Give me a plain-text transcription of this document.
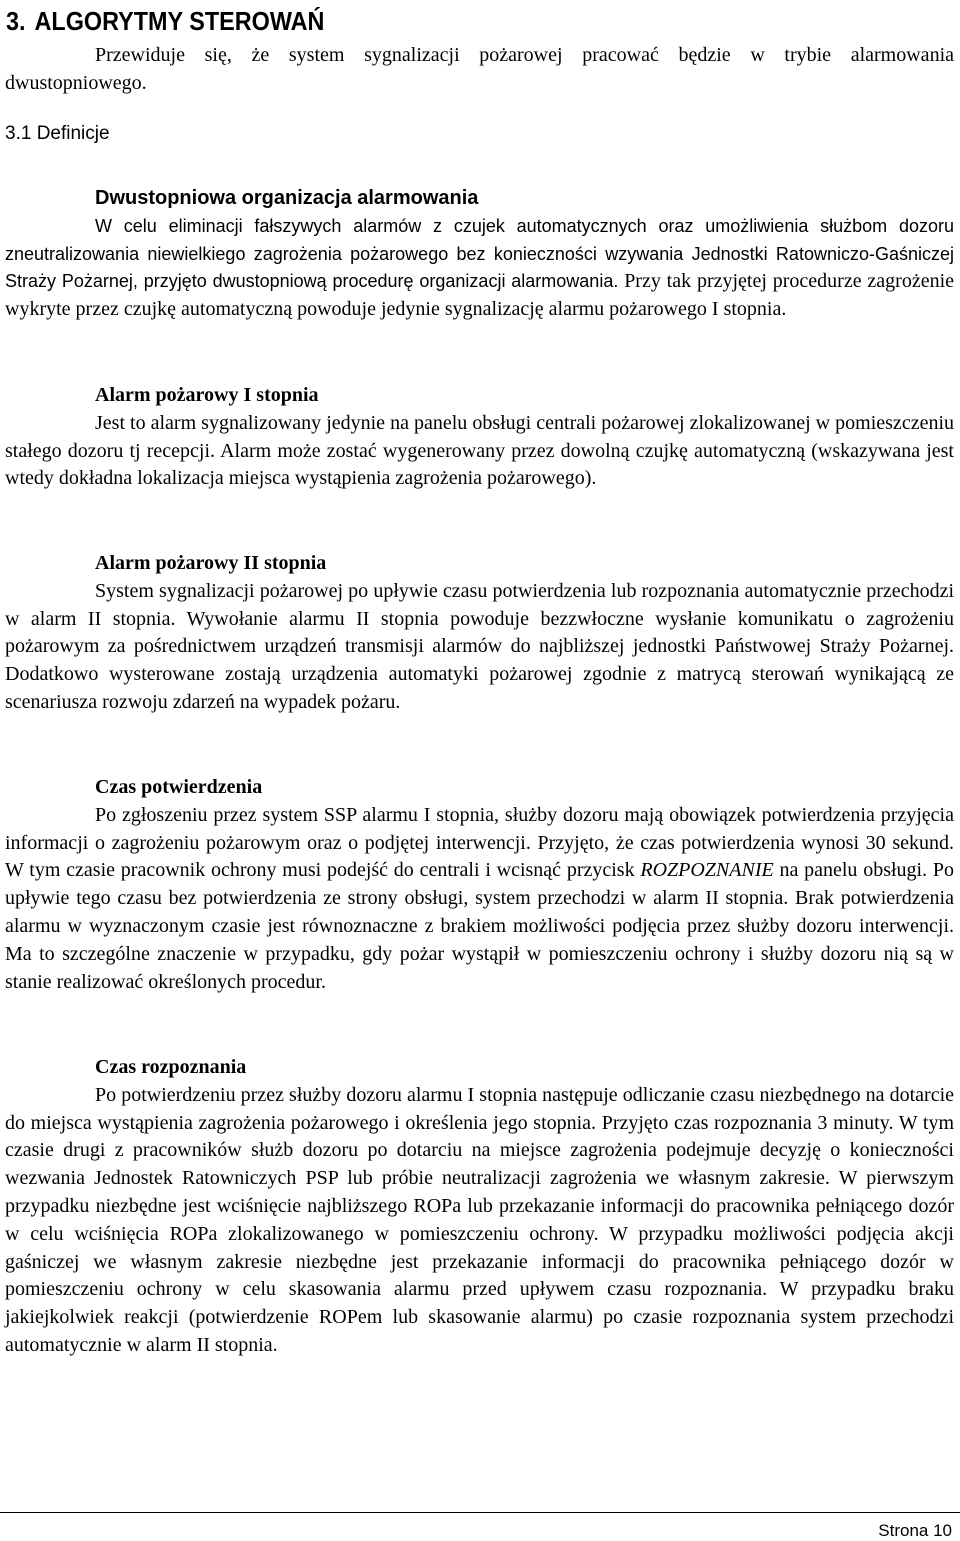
3. ALGORYTMY STEROWAŃ

Przewiduje się, że system sygnalizacji pożarowej pracować będzie w trybie alarmowania dwustopniowego.

3.1 Definicje
Dwustopniowa organizacja alarmowania

W celu eliminacji fałszywych alarmów z czujek automatycznych oraz umożliwienia służbom dozoru zneutralizowania niewielkiego zagrożenia pożarowego bez konieczności wzywania Jednostki Ratowniczo-Gaśniczej Straży Pożarnej, przyjęto dwustopniową procedurę organizacji alarmowania. Przy tak przyjętej procedurze zagrożenie wykryte przez czujkę automatyczną powoduje jedynie sygnalizację alarmu pożarowego I stopnia.

Alarm pożarowy I stopnia

Jest to alarm sygnalizowany jedynie na panelu obsługi centrali pożarowej zlokalizowanej w pomieszczeniu stałego dozoru tj recepcji. Alarm może zostać wygenerowany przez dowolną czujkę automatyczną (wskazywana jest wtedy dokładna lokalizacja miejsca wystąpienia zagrożenia pożarowego).

Alarm pożarowy II stopnia

System sygnalizacji pożarowej po upływie czasu potwierdzenia lub rozpoznania automatycznie przechodzi w alarm II stopnia. Wywołanie alarmu II stopnia powoduje bezzwłoczne wysłanie komunikatu o zagrożeniu pożarowym za pośrednictwem urządzeń transmisji alarmów do najbliższej jednostki Państwowej Straży Pożarnej. Dodatkowo wysterowane zostają urządzenia automatyki pożarowej zgodnie z matrycą sterowań wynikającą ze scenariusza rozwoju zdarzeń na wypadek pożaru.

Czas potwierdzenia

Po zgłoszeniu przez system SSP alarmu I stopnia, służby dozoru mają obowiązek potwierdzenia przyjęcia informacji o zagrożeniu pożarowym oraz o podjętej interwencji. Przyjęto, że czas potwierdzenia wynosi 30 sekund. W tym czasie pracownik ochrony musi podejść do centrali i wcisnąć przycisk ROZPOZNANIE na panelu obsługi. Po upływie tego czasu bez potwierdzenia ze strony obsługi, system przechodzi w alarm II stopnia. Brak potwierdzenia alarmu w wyznaczonym czasie jest równoznaczne z brakiem możliwości podjęcia przez służby dozoru interwencji. Ma to szczególne znaczenie w przypadku, gdy pożar wystąpił w pomieszczeniu ochrony i służby dozoru nią są w stanie realizować określonych procedur.

Czas rozpoznania

Po potwierdzeniu przez służby dozoru alarmu I stopnia następuje odliczanie czasu niezbędnego na dotarcie do miejsca wystąpienia zagrożenia pożarowego i określenia jego stopnia. Przyjęto czas rozpoznania 3 minuty. W tym czasie drugi z pracowników służb dozoru po dotarciu na miejsce zagrożenia podejmuje decyzję o konieczności wezwania Jednostek Ratowniczych PSP lub próbie neutralizacji zagrożenia we własnym zakresie. W pierwszym przypadku niezbędne jest wciśnięcie najbliższego ROPa lub przekazanie informacji do pracownika pełniącego dozór w celu wciśnięcia ROPa zlokalizowanego w pomieszczeniu ochrony. W przypadku możliwości podjęcia akcji gaśniczej we własnym zakresie niezbędne jest przekazanie informacji do pracownika pełniącego dozór w pomieszczeniu ochrony w celu skasowania alarmu przed upływem czasu rozpoznania. W przypadku braku jakiejkolwiek reakcji (potwierdzenie ROPem lub skasowanie alarmu) po czasie rozpoznania system przechodzi automatycznie w alarm II stopnia.

Strona 10
